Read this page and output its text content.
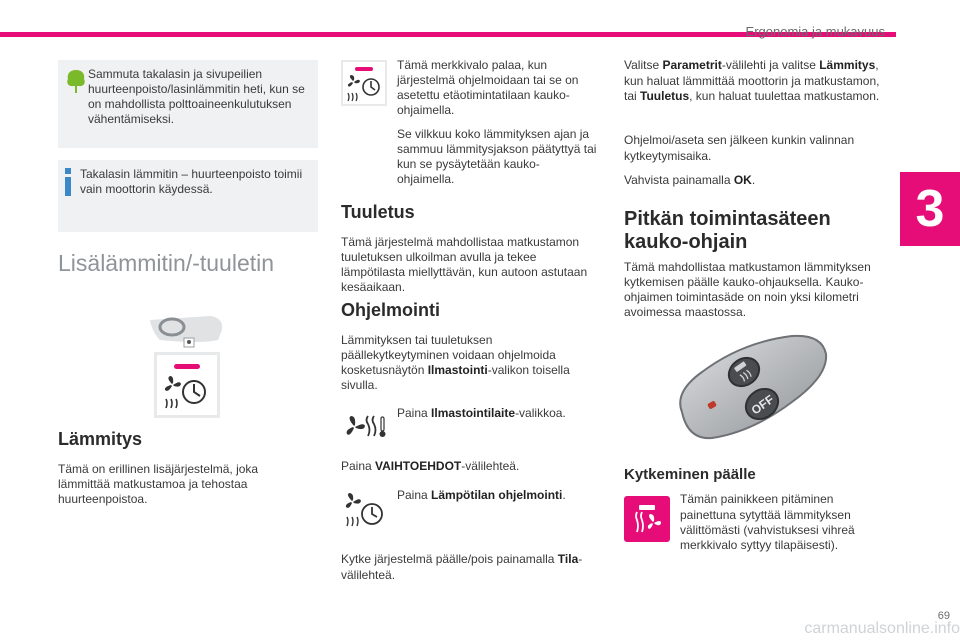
Ergonomia ja mukavuus
3
Sammuta takalasin ja sivupeilien huurteenpoisto/lasinlämmitin heti, kun se on mahdollista polttoaineenkulutuksen vähentämiseksi.
Takalasin lämmitin – huurteenpoisto toimii vain moottorin käydessä.
Lisälämmitin/-tuuletin
Lämmitys
Tämä on erillinen lisäjärjestelmä, joka lämmittää matkustamoa ja tehostaa huurteenpoistoa.
Tämä merkkivalo palaa, kun järjestelmä ohjelmoidaan tai se on asetettu etäotimintatilaan kauko-ohjaimella.
Se vilkkuu koko lämmityksen ajan ja sammuu lämmitysjakson päätyttyä tai kun se pysäytetään kauko-ohjaimella.
Tuuletus
Tämä järjestelmä mahdollistaa matkustamon tuuletuksen ulkoilman avulla ja tekee lämpötilasta miellyttävän, kun autoon astutaan kesäaikaan.
Ohjelmointi
Lämmityksen tai tuuletuksen päällekytkeytyminen voidaan ohjelmoida kosketusnäytön Ilmastointi-valikon toisella sivulla.
Paina Ilmastointilaite-valikkoa.
Paina VAIHTOEHDOT-välilehteä.
Paina Lämpötilan ohjelmointi.
Kytke järjestelmä päälle/pois painamalla Tila-välilehteä.
Valitse Parametrit-välilehti ja valitse Lämmitys, kun haluat lämmittää moottorin ja matkustamon, tai Tuuletus, kun haluat tuulettaa matkustamon.
Ohjelmoi/aseta sen jälkeen kunkin valinnan kytkeytymisaika.
Vahvista painamalla OK.
Pitkän toimintasäteen kauko-ohjain
Tämä mahdollistaa matkustamon lämmityksen kytkemisen päälle kauko-ohjauksella. Kauko-ohjaimen toimintasäde on noin yksi kilometri avoimessa maastossa.
OFF
Kytkeminen päälle
Tämän painikkeen pitäminen painettuna sytyttää lämmityksen välittömästi (vahvistuksesi vihreä merkkivalo syttyy tilapäisesti).
69
carmanualsonline.info
